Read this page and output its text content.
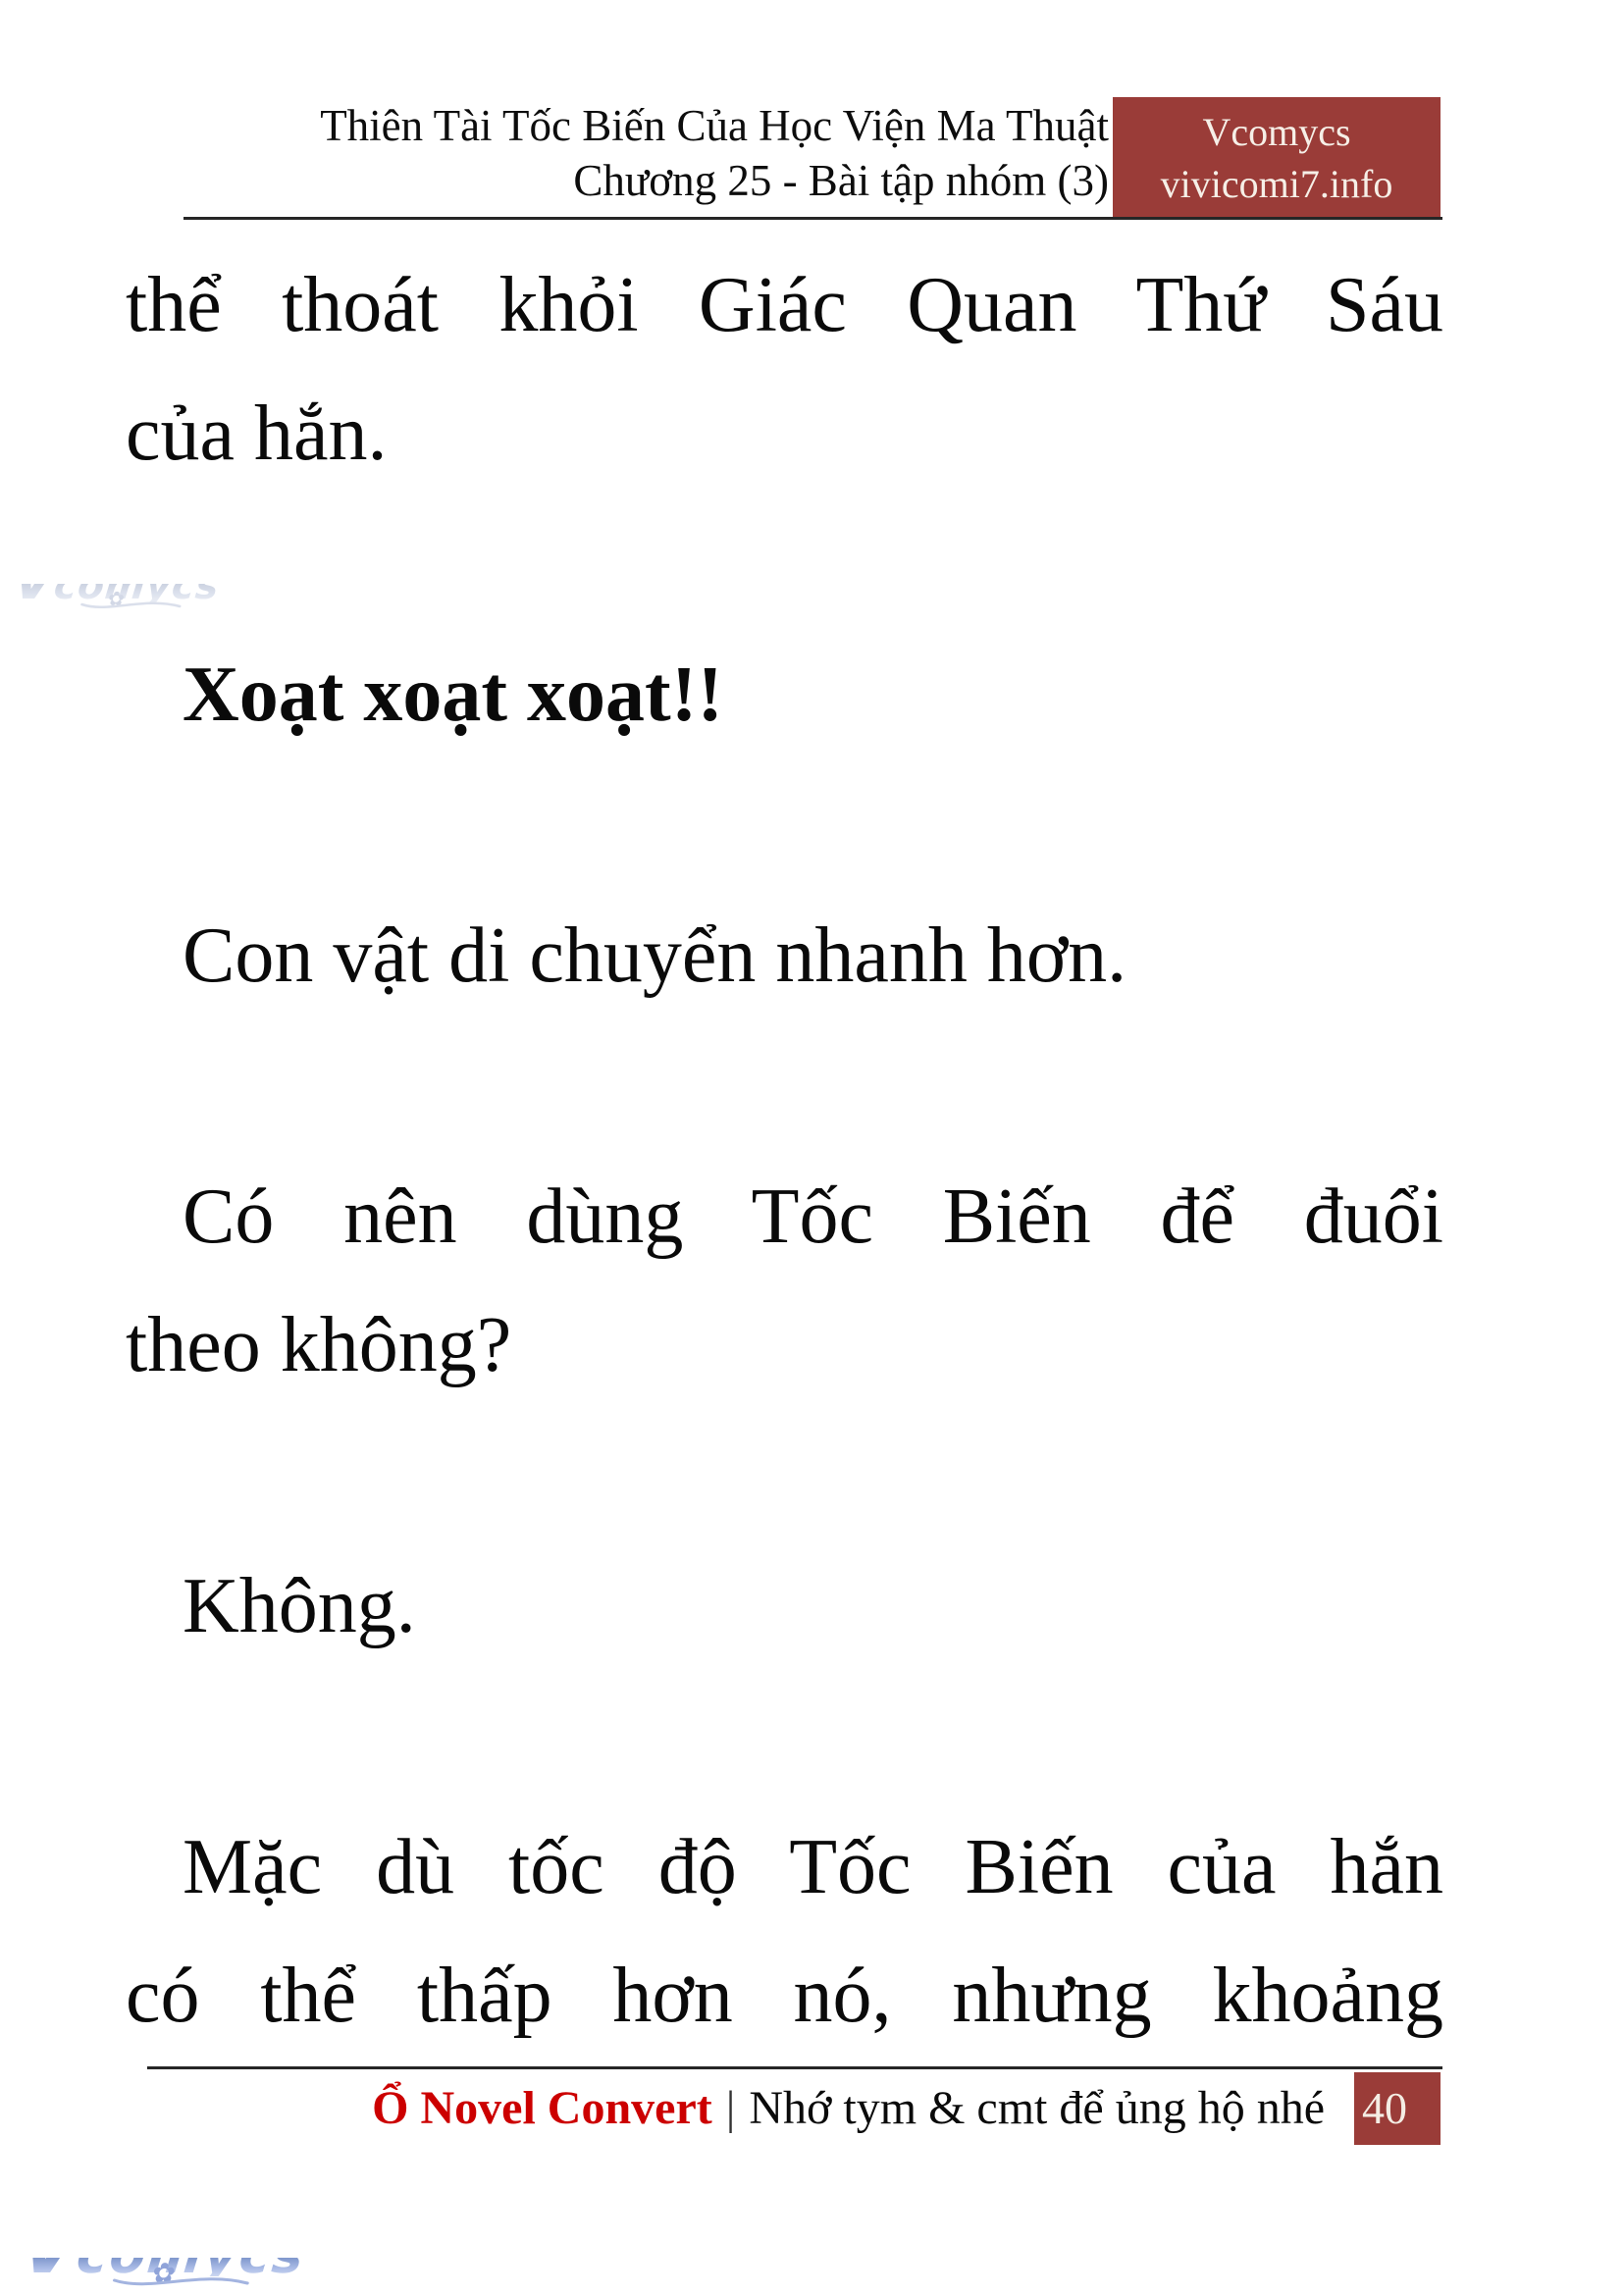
Thiên Tài Tốc Biến Của Học Viện Ma Thuật
Chương 25 - Bài tập nhóm (3)
Vcomycs
vivicomi7.info
Vcomycs
✿

thể thoát khỏi Giác Quan Thứ Sáu
của hắn.

Xoạt xoạt xoạt!!

Con vật di chuyển nhanh hơn.

Có nên dùng Tốc Biến để đuổi
theo không?

Không.

Mặc dù tốc độ Tốc Biến của hắn
có thể thấp hơn nó, nhưng khoảng

Ổ Novel Convert | Nhớ tym & cmt để ủng hộ nhé 40
Vcomycs
✿
